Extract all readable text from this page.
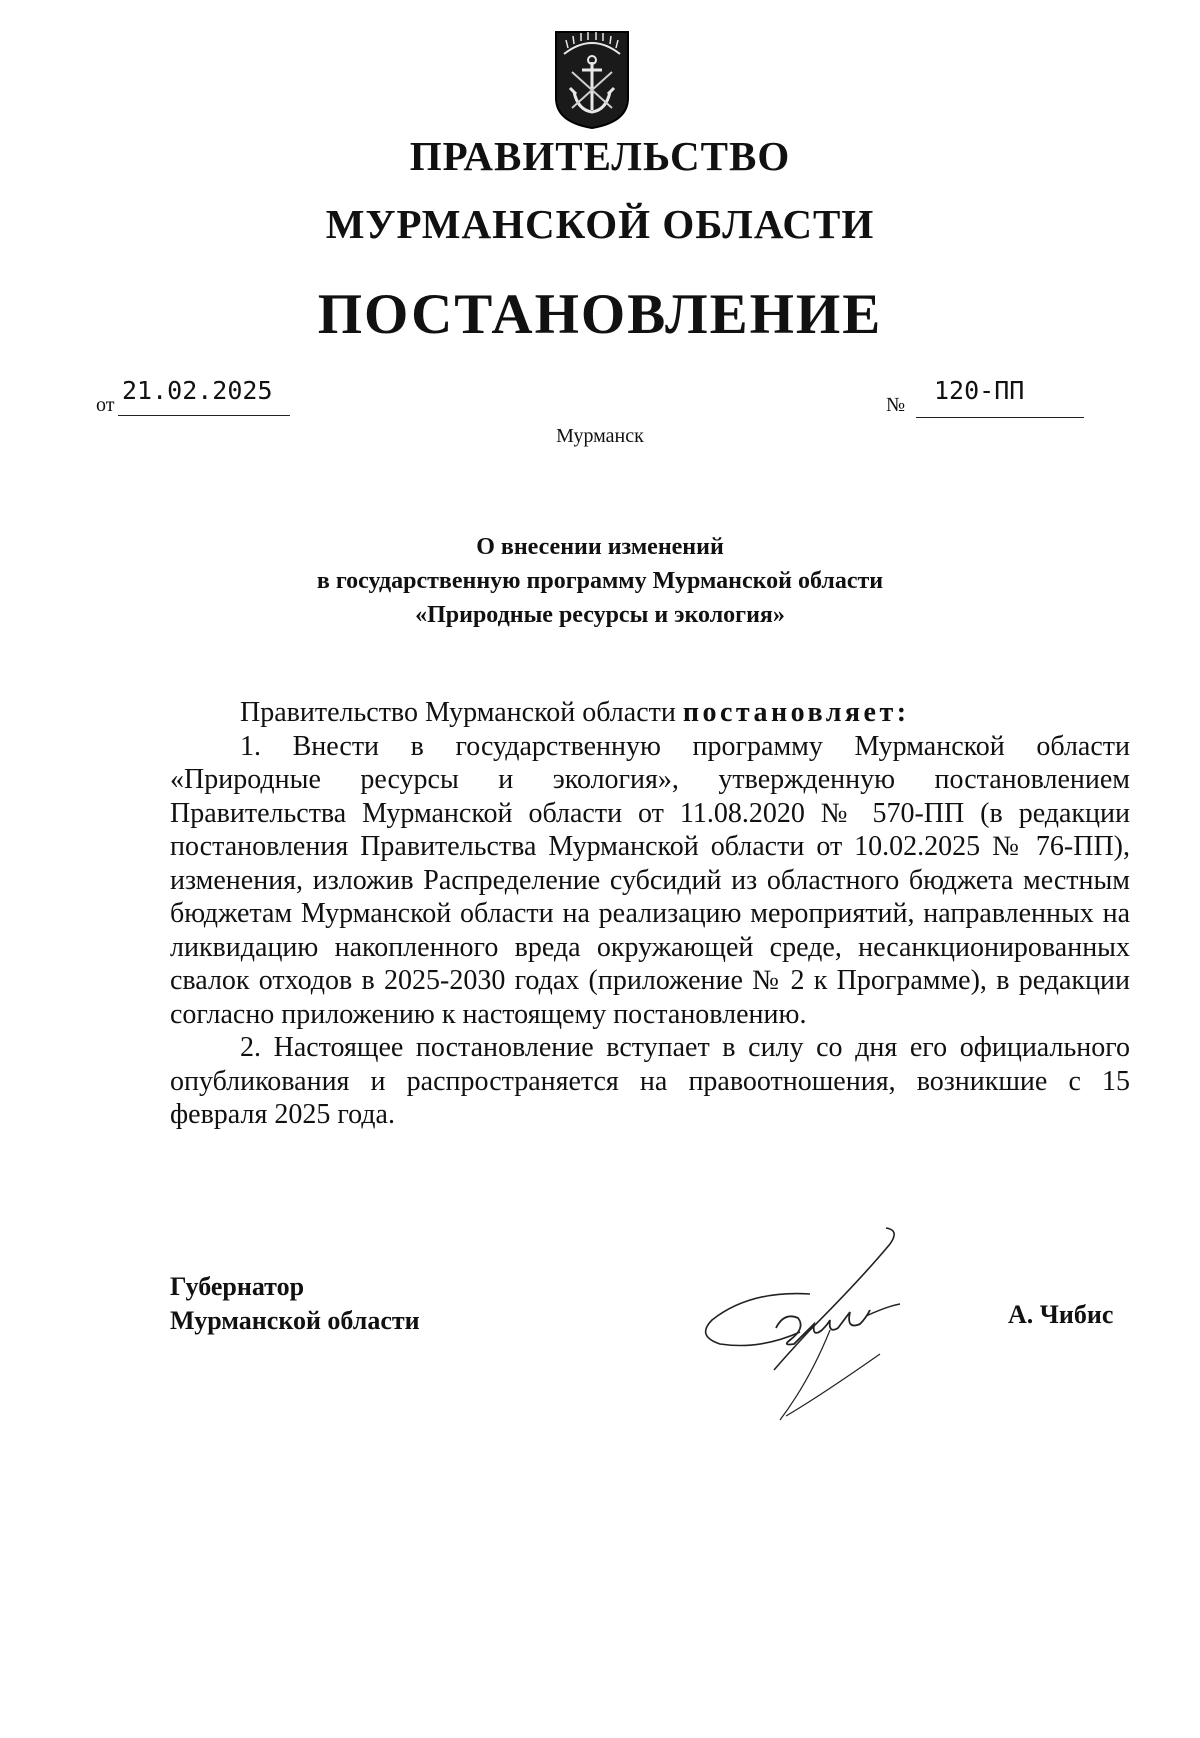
ПРАВИТЕЛЬСТВО
МУРМАНСКОЙ ОБЛАСТИ
ПОСТАНОВЛЕНИЕ
от 21.02.2025	№ 120-ПП
Мурманск
О внесении изменений
в государственную программу Мурманской области
«Природные ресурсы и экология»

Правительство Мурманской области постановляет:

1. Внести в государственную программу Мурманской области «Природные ресурсы и экология», утвержденную постановлением Правительства Мурманской области от 11.08.2020 № 570-ПП (в редакции постановления Правительства Мурманской области от 10.02.2025 № 76-ПП), изменения, изложив Распределение субсидий из областного бюджета местным бюджетам Мурманской области на реализацию мероприятий, направленных на ликвидацию накопленного вреда окружающей среде, несанкционированных свалок отходов в 2025-2030 годах (приложение № 2 к Программе), в редакции согласно приложению к настоящему постановлению.

2. Настоящее постановление вступает в силу со дня его официального опубликования и распространяется на правоотношения, возникшие с 15 февраля 2025 года.

Губернатор
Мурманской области	А. Чибис
